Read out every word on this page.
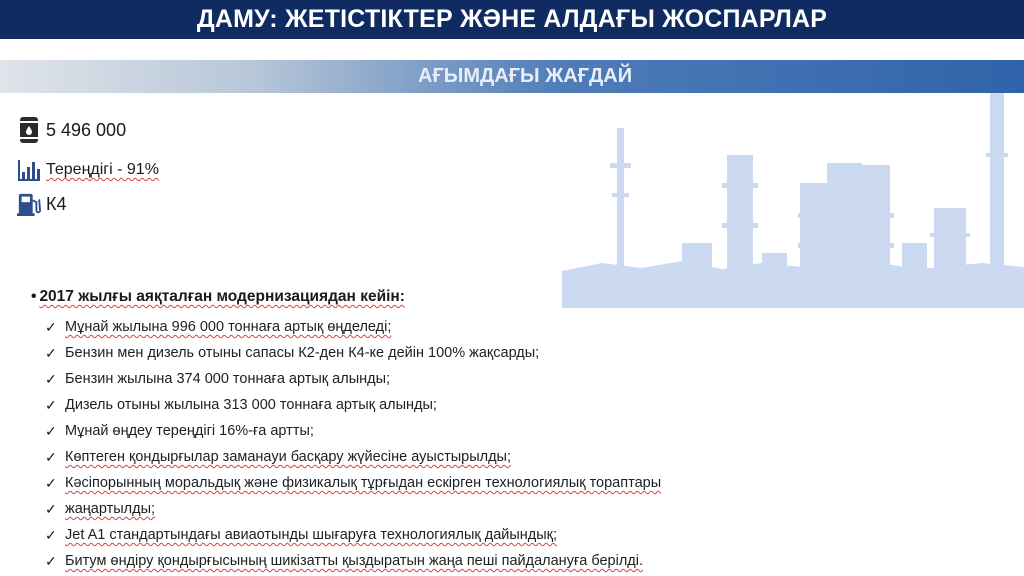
ДАМУ: ЖЕТІСТІКТЕР ЖӘНЕ АЛДАҒЫ ЖОСПАРЛАР
АҒЫМДАҒЫ ЖАҒДАЙ
5 496 000
Тереңдігі - 91%
К4
• 2017 жылғы аяқталған модернизациядан кейін:
✓ Мұнай жылына 996 000 тоннаға артық өңделеді;
✓ Бензин мен дизель отыны сапасы К2-ден К4-ке дейін 100% жақсарды;
✓ Бензин жылына 374 000 тоннаға артық алынды;
✓ Дизель отыны жылына 313 000 тоннаға артық алынды;
✓ Мұнай өңдеу тереңдігі 16%-ға артты;
✓ Көптеген қондырғылар заманауи басқару жүйесіне ауыстырылды;
✓ Кәсіпорынның моральдық және физикалық тұрғыдан ескірген технологиялық тораптары
✓ жаңартылды;
✓ Jet A1 стандартындағы авиаотынды шығаруға технологиялық дайындық;
✓ Битум өндіру қондырғысының шикізатты қыздыратын жаңа пеші пайдалануға берілді.
